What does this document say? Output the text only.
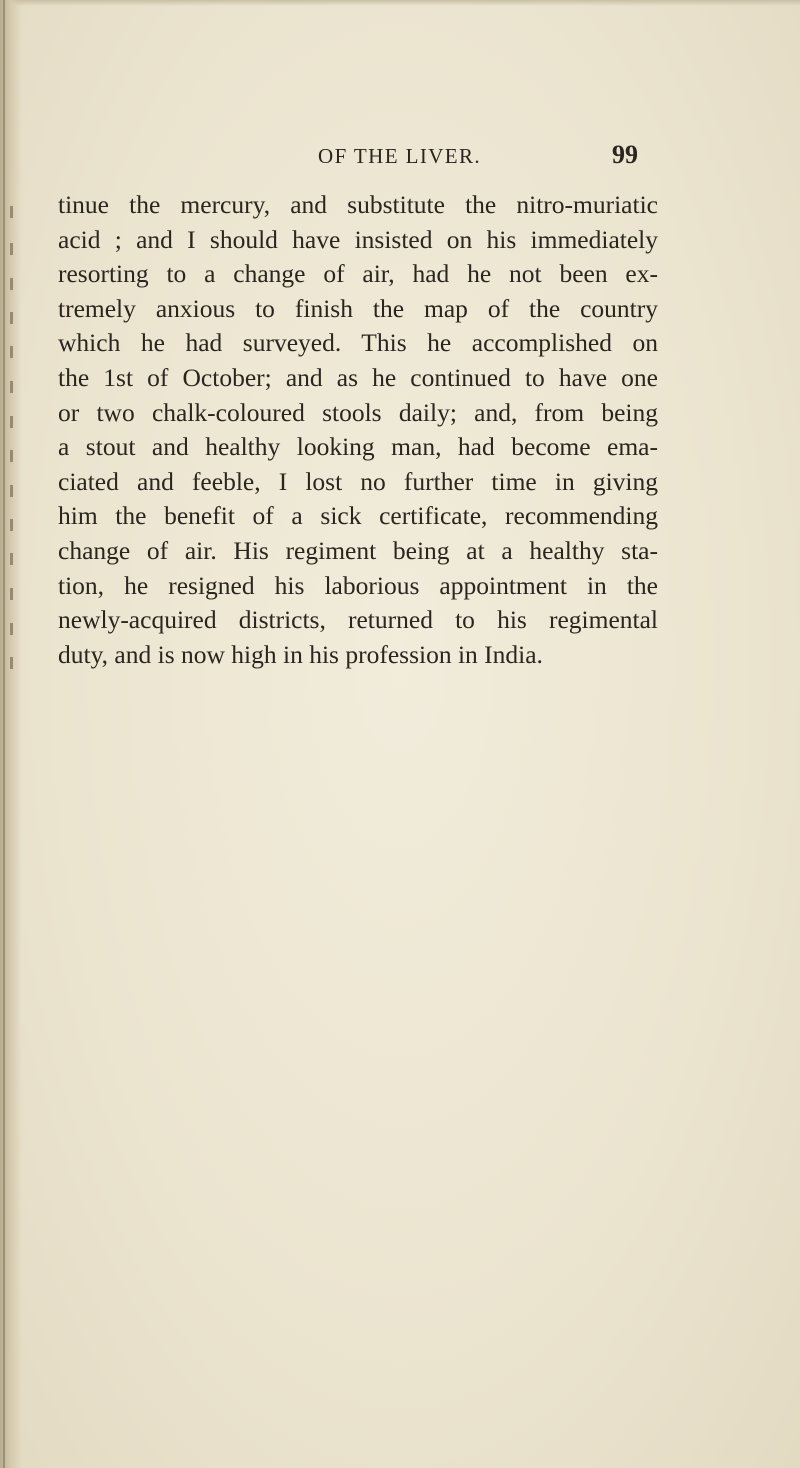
OF THE LIVER.	99
tinue the mercury, and substitute the nitro-muriatic
acid ; and I should have insisted on his immediately
resorting to a change of air, had he not been ex-
tremely anxious to finish the map of the country
which he had surveyed. This he accomplished on
the 1st of October; and as he continued to have one
or two chalk-coloured stools daily; and, from being
a stout and healthy looking man, had become ema-
ciated and feeble, I lost no further time in giving
him the benefit of a sick certificate, recommending
change of air. His regiment being at a healthy sta-
tion, he resigned his laborious appointment in the
newly-acquired districts, returned to his regimental
duty, and is now high in his profession in India.
